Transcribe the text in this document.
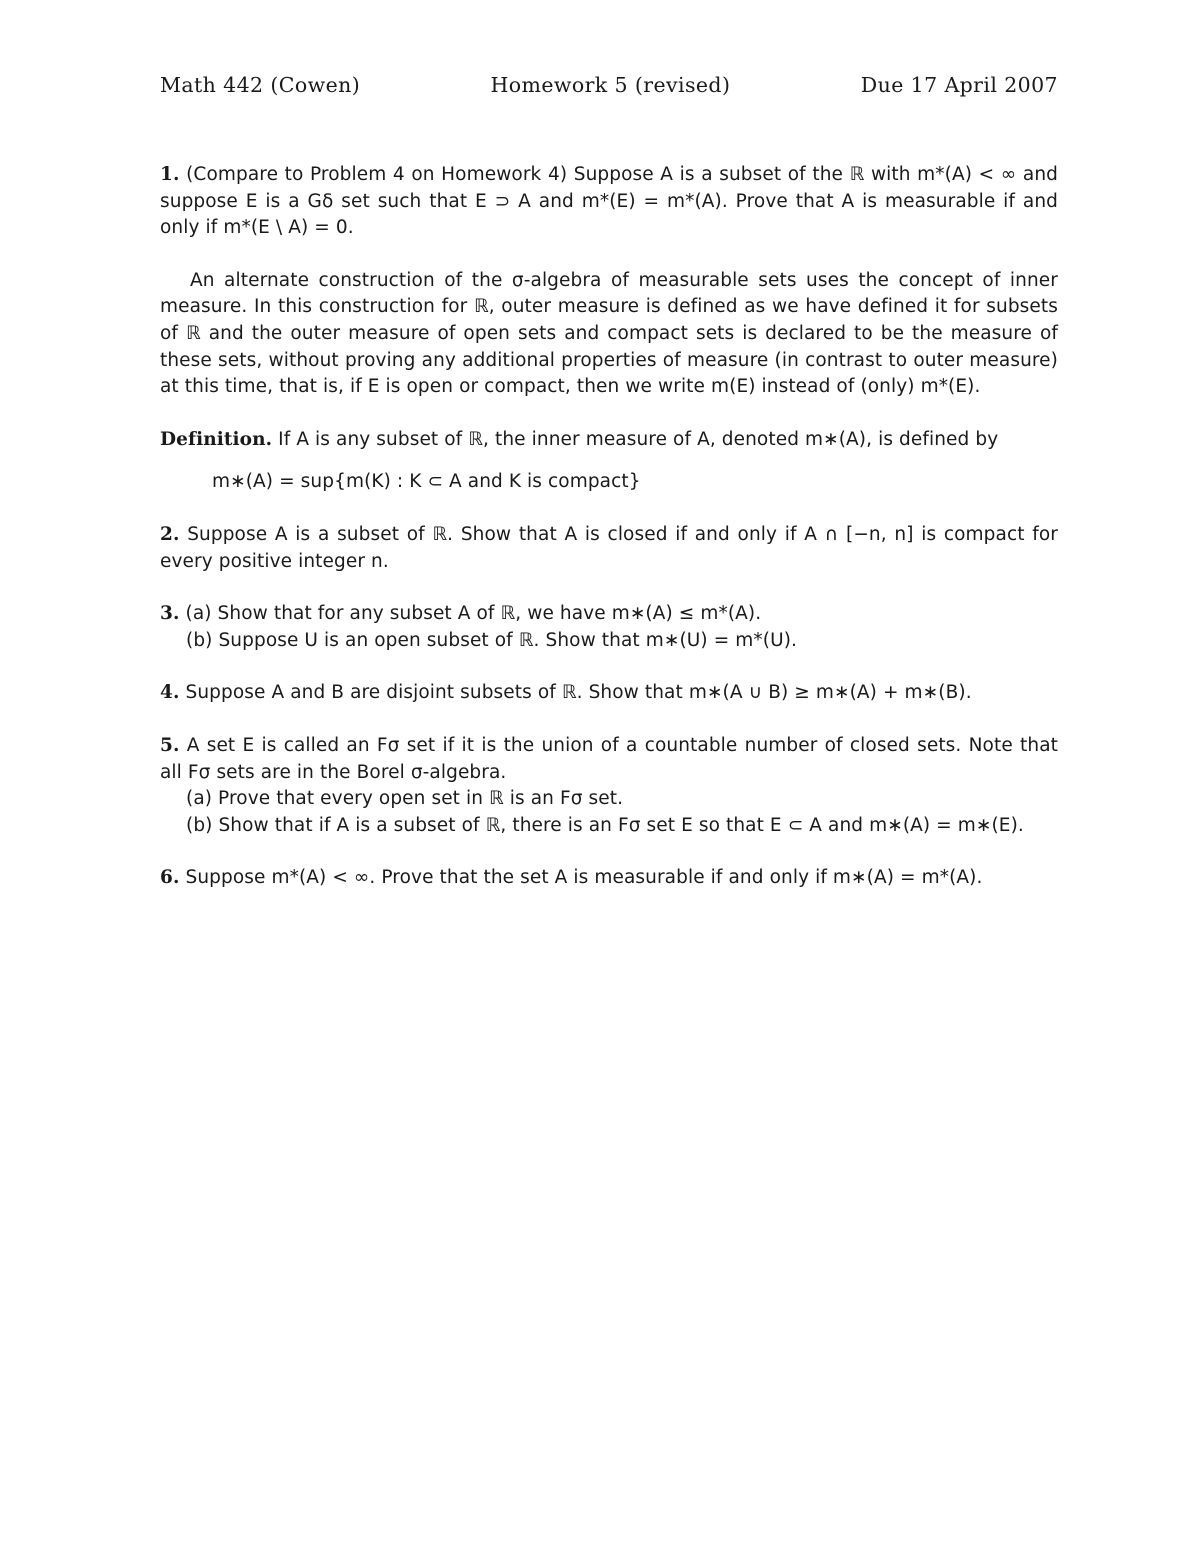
Math 442 (Cowen)	Homework 5 (revised)	Due 17 April 2007

1. (Compare to Problem 4 on Homework 4) Suppose A is a subset of the ℝ with m*(A) < ∞ and suppose E is a Gδ set such that E ⊃ A and m*(E) = m*(A). Prove that A is measurable if and only if m*(E \ A) = 0.

An alternate construction of the σ-algebra of measurable sets uses the concept of inner measure. In this construction for ℝ, outer measure is defined as we have defined it for subsets of ℝ and the outer measure of open sets and compact sets is declared to be the measure of these sets, without proving any additional properties of measure (in contrast to outer measure) at this time, that is, if E is open or compact, then we write m(E) instead of (only) m*(E).

Definition. If A is any subset of ℝ, the inner measure of A, denoted m∗(A), is defined by

m∗(A) = sup{m(K) : K ⊂ A and K is compact}

2. Suppose A is a subset of ℝ. Show that A is closed if and only if A ∩ [−n, n] is compact for every positive integer n.

3. (a) Show that for any subset A of ℝ, we have m∗(A) ≤ m*(A).

(b) Suppose U is an open subset of ℝ. Show that m∗(U) = m*(U).

4. Suppose A and B are disjoint subsets of ℝ. Show that m∗(A ∪ B) ≥ m∗(A) + m∗(B).

5. A set E is called an Fσ set if it is the union of a countable number of closed sets. Note that all Fσ sets are in the Borel σ-algebra.

(a) Prove that every open set in ℝ is an Fσ set.

(b) Show that if A is a subset of ℝ, there is an Fσ set E so that E ⊂ A and m∗(A) = m∗(E).

6. Suppose m*(A) < ∞. Prove that the set A is measurable if and only if m∗(A) = m*(A).
